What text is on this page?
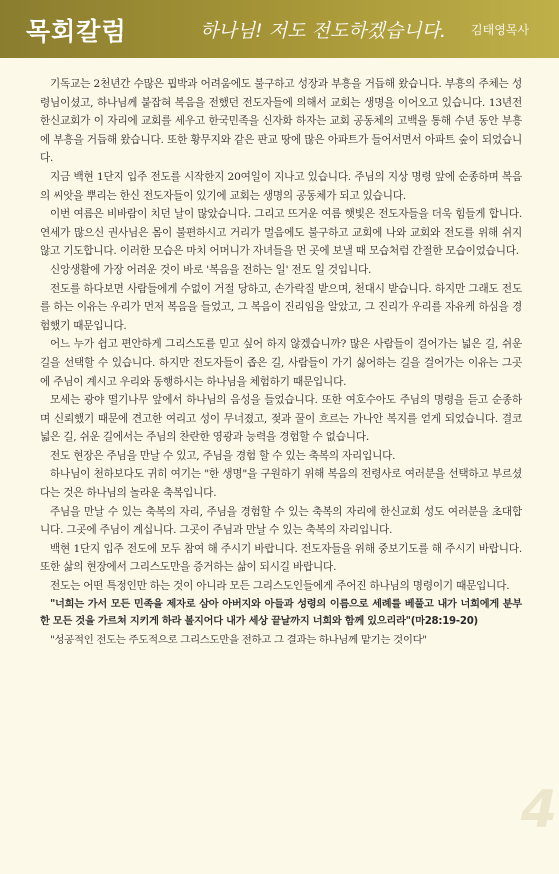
목회칼럼	하나님! 저도 전도하겠습니다. 김태영목사

기독교는 2천년간 수많은 핍박과 어려움에도 불구하고 성장과 부흥을 거듭해 왔습니다. 부흥의 주체는 성령님이셨고, 하나님께 붙잡혀 복음을 전했던 전도자들에 의해서 교회는 생명을 이어오고 있습니다. 13년전 한신교회가 이 자리에 교회를 세우고 한국민족을 신자화 하자는 교회 공동체의 고백을 통해 수년 동안 부흥에 부흥을 거듭해 왔습니다. 또한 황무지와 같은 판교 땅에 많은 아파트가 들어서면서 아파트 숲이 되었습니다.

지금 백현 1단지 입주 전도를 시작한지 20여일이 지나고 있습니다. 주님의 지상 명령 앞에 순종하며 복음의 씨앗을 뿌리는 한신 전도자들이 있기에 교회는 생명의 공동체가 되고 있습니다.

이번 여름은 비바람이 치던 날이 많았습니다. 그리고 뜨거운 여름 햇빛은 전도자들을 더욱 힘들게 합니다. 연세가 많으신 권사님은 몸이 불편하시고 거리가 멀음에도 불구하고 교회에 나와 교회와 전도를 위해 쉬지 않고 기도합니다. 이러한 모습은 마치 어머니가 자녀들을 먼 곳에 보낼 때 모습처럼 간절한 모습이었습니다.

신앙생활에 가장 어려운 것이 바로 '복음을 전하는 일' 전도 일 것입니다.

전도를 하다보면 사람들에게 수없이 거절 당하고, 손가락질 받으며, 천대시 받습니다. 하지만 그래도 전도를 하는 이유는 우리가 먼저 복음을 들었고, 그 복음이 진리임을 알았고, 그 진리가 우리를 자유케 하심을 경험했기 때문입니다.

어느 누가 쉽고 편안하게 그리스도를 믿고 싶어 하지 않겠습니까? 많은 사람들이 걸어가는 넓은 길, 쉬운 길을 선택할 수 있습니다. 하지만 전도자들이 좁은 길, 사람들이 가기 싫어하는 길을 걸어가는 이유는 그곳에 주님이 계시고 우리와 동행하시는 하나님을 체험하기 때문입니다.

모세는 광야 떨기나무 앞에서 하나님의 음성을 들었습니다. 또한 여호수아도 주님의 명령을 듣고 순종하며 신뢰했기 때문에 견고한 여리고 성이 무너졌고, 젖과 꿀이 흐르는 가나안 복지를 얻게 되었습니다. 결코 넓은 길, 쉬운 길에서는 주님의 찬란한 영광과 능력을 경험할 수 없습니다.

전도 현장은 주님을 만날 수 있고, 주님을 경험 할 수 있는 축복의 자리입니다.

하나님이 천하보다도 귀히 여기는 "한 생명"을 구원하기 위해 복음의 전령사로 여러분을 선택하고 부르셨다는 것은 하나님의 놀라운 축복입니다.

주님을 만날 수 있는 축복의 자리, 주님을 경험할 수 있는 축복의 자리에 한신교회 성도 여러분을 초대합니다. 그곳에 주님이 계십니다. 그곳이 주님과 만날 수 있는 축복의 자리입니다.

백현 1단지 입주 전도에 모두 참여 해 주시기 바랍니다. 전도자들을 위해 중보기도를 해 주시기 바랍니다. 또한 삶의 현장에서 그리스도만을 증거하는 삶이 되시길 바랍니다.

전도는 어떤 특정인만 하는 것이 아니라 모든 그리스도인들에게 주어진 하나님의 명령이기 때문입니다.

"너희는 가서 모든 민족을 제자로 삼아 아버지와 아들과 성령의 이름으로 세례를 베풀고 내가 너희에게 분부한 모든 것을 가르쳐 지키게 하라 볼지어다 내가 세상 끝날까지 너희와 함께 있으리라"(마28:19-20)

"성공적인 전도는 주도적으로 그리스도만을 전하고 그 결과는 하나님께 맡기는 것이다"

4
